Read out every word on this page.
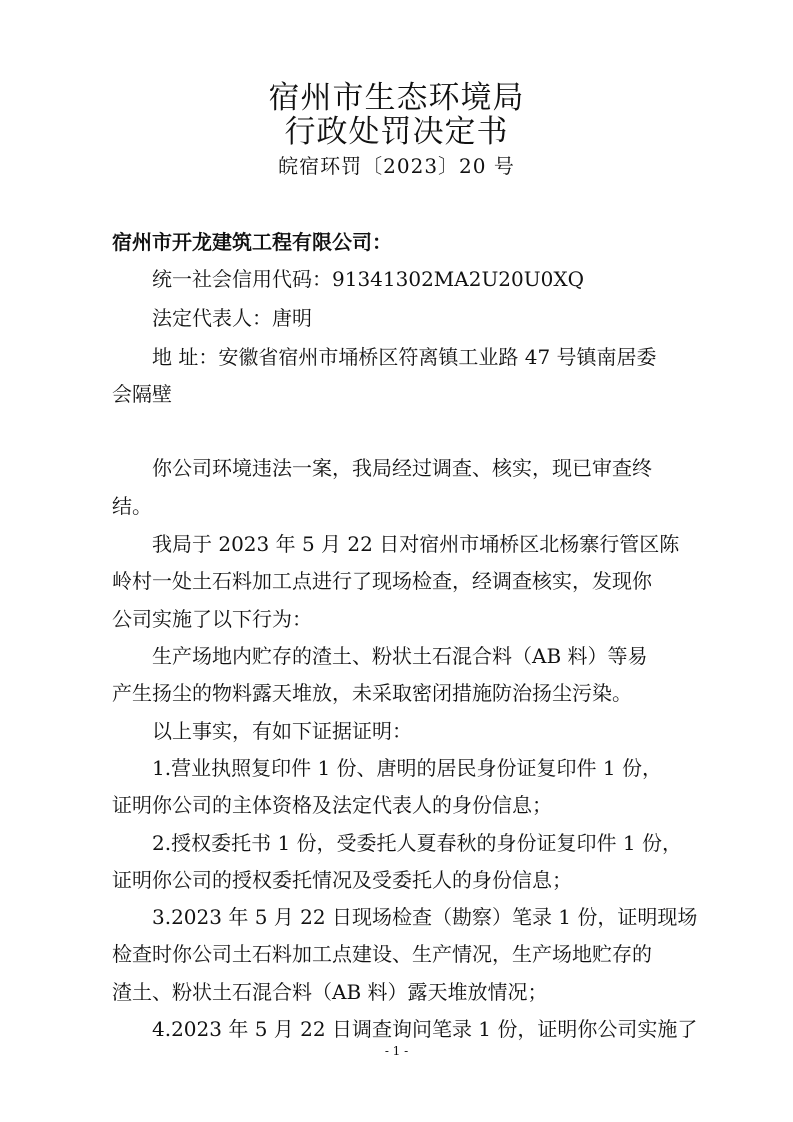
宿州市生态环境局
行政处罚决定书
皖宿环罚〔2023〕20 号
宿州市开龙建筑工程有限公司：
统一社会信用代码：91341302MA2U20U0XQ
法定代表人：唐明
地 址：安徽省宿州市埇桥区符离镇工业路 47 号镇南居委
会隔壁
你公司环境违法一案，我局经过调查、核实，现已审查终
结。
我局于 2023 年 5 月 22 日对宿州市埇桥区北杨寨行管区陈
岭村一处土石料加工点进行了现场检查，经调查核实，发现你
公司实施了以下行为：
生产场地内贮存的渣土、粉状土石混合料（AB 料）等易
产生扬尘的物料露天堆放，未采取密闭措施防治扬尘污染。
以上事实，有如下证据证明：
1.营业执照复印件 1 份、唐明的居民身份证复印件 1 份，
证明你公司的主体资格及法定代表人的身份信息；
2.授权委托书 1 份，受委托人夏春秋的身份证复印件 1 份，
证明你公司的授权委托情况及受委托人的身份信息；
3.2023 年 5 月 22 日现场检查（勘察）笔录 1 份，证明现场
检查时你公司土石料加工点建设、生产情况，生产场地贮存的
渣土、粉状土石混合料（AB 料）露天堆放情况；
4.2023 年 5 月 22 日调查询问笔录 1 份，证明你公司实施了
- 1 -
